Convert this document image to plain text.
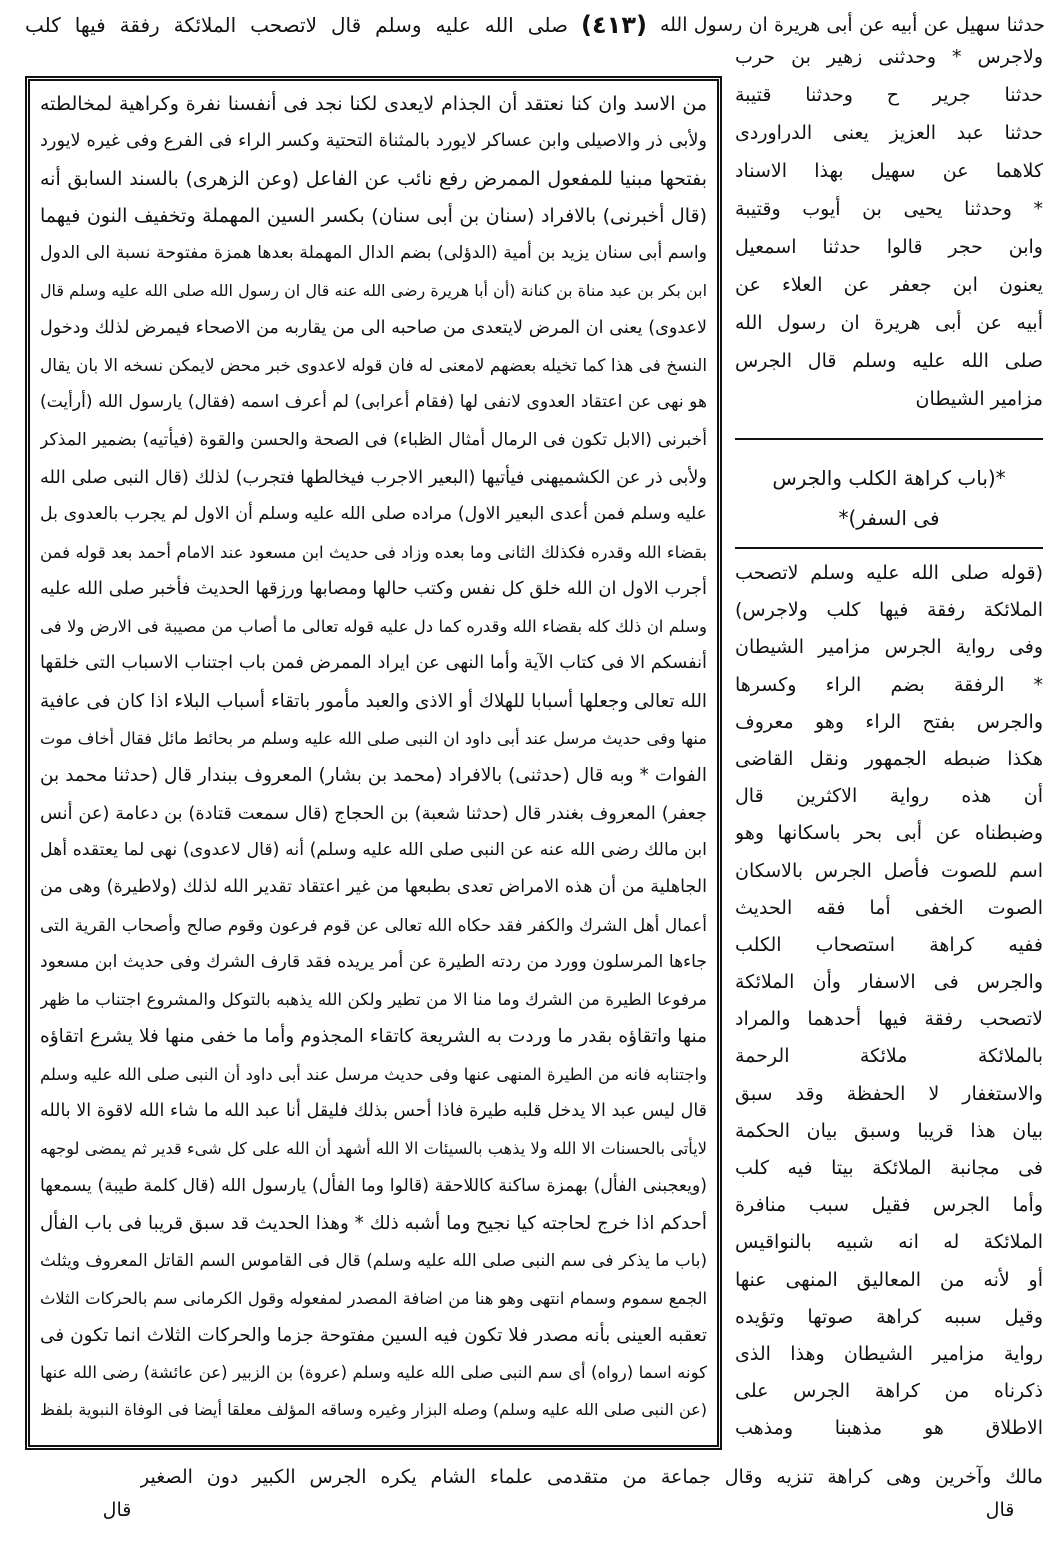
حدثنا سهيل عن أبيه عن أبى هريرة ان رسول الله
(٤١٣)
صلى الله عليه وسلم قال لاتصحب الملائكة رفقة فيها كلب
من الاسد وان كنا نعتقد أن الجذام لايعدى لكنا نجد فى أنفسنا نفرة وكراهية لمخالطته
ولأبى ذر والاصيلى وابن عساكر لايورد بالمثناة التحتية وكسر الراء فى الفرع وفى غيره لايورد
بفتحها مبنيا للمفعول الممرض رفع نائب عن الفاعل (وعن الزهرى) بالسند السابق أنه
(قال أخبرنى) بالافراد (سنان بن أبى سنان) بكسر السين المهملة وتخفيف النون فيهما
واسم أبى سنان يزيد بن أمية (الدؤلى) بضم الدال المهملة بعدها همزة مفتوحة نسبة الى الدول
ابن بكر بن عبد مناة بن كنانة (أن أبا هريرة رضى الله عنه قال ان رسول الله صلى الله عليه وسلم قال
لاعدوى) يعنى ان المرض لايتعدى من صاحبه الى من يقاربه من الاصحاء فيمرض لذلك ودخول
النسخ فى هذا كما تخيله بعضهم لامعنى له فان قوله لاعدوى خبر محض لايمكن نسخه الا بان يقال
هو نهى عن اعتقاد العدوى لانفى لها (فقام أعرابى) لم أعرف اسمه (فقال) يارسول الله (أرأيت)
أخبرنى (الابل تكون فى الرمال أمثال الظباء) فى الصحة والحسن والقوة (فيأتيه) بضمير المذكر
ولأبى ذر عن الكشميهنى فيأتيها (البعير الاجرب فيخالطها فتجرب) لذلك (قال النبى صلى الله
عليه وسلم فمن أعدى البعير الاول) مراده صلى الله عليه وسلم أن الاول لم يجرب بالعدوى بل
بقضاء الله وقدره فكذلك الثانى وما بعده وزاد فى حديث ابن مسعود عند الامام أحمد بعد قوله فمن
أجرب الاول ان الله خلق كل نفس وكتب حالها ومصابها ورزقها الحديث فأخبر صلى الله عليه
وسلم ان ذلك كله بقضاء الله وقدره كما دل عليه قوله تعالى ما أصاب من مصيبة فى الارض ولا فى
أنفسكم الا فى كتاب الآية وأما النهى عن ايراد الممرض فمن باب اجتناب الاسباب التى خلقها
الله تعالى وجعلها أسبابا للهلاك أو الاذى والعبد مأمور باتقاء أسباب البلاء اذا كان فى عافية
منها وفى حديث مرسل عند أبى داود ان النبى صلى الله عليه وسلم مر بحائط مائل فقال أخاف موت
الفوات * وبه قال (حدثنى) بالافراد (محمد بن بشار) المعروف ببندار قال (حدثنا محمد بن
جعفر) المعروف بغندر قال (حدثنا شعبة) بن الحجاج (قال سمعت قتادة) بن دعامة (عن أنس
ابن مالك رضى الله عنه عن النبى صلى الله عليه وسلم) أنه (قال لاعدوى) نهى لما يعتقده أهل
الجاهلية من أن هذه الامراض تعدى بطبعها من غير اعتقاد تقدير الله لذلك (ولاطيرة) وهى من
أعمال أهل الشرك والكفر فقد حكاه الله تعالى عن قوم فرعون وقوم صالح وأصحاب القرية التى
جاءها المرسلون وورد من ردته الطيرة عن أمر يريده فقد قارف الشرك وفى حديث ابن مسعود
مرفوعا الطيرة من الشرك وما منا الا من تطير ولكن الله يذهبه بالتوكل والمشروع اجتناب ما ظهر
منها واتقاؤه بقدر ما وردت به الشريعة كاتقاء المجذوم وأما ما خفى منها فلا يشرع اتقاؤه
واجتنابه فانه من الطيرة المنهى عنها وفى حديث مرسل عند أبى داود أن النبى صلى الله عليه وسلم
قال ليس عبد الا يدخل قلبه طيرة فاذا أحس بذلك فليقل أنا عبد الله ما شاء الله لاقوة الا بالله
لايأتى بالحسنات الا الله ولا يذهب بالسيئات الا الله أشهد أن الله على كل شىء قدير ثم يمضى لوجهه
(ويعجبنى الفأل) بهمزة ساكنة كاللاحقة (قالوا وما الفأل) يارسول الله (قال كلمة طيبة) يسمعها
أحدكم اذا خرج لحاجته كيا نجيح وما أشبه ذلك * وهذا الحديث قد سبق قريبا فى باب الفأل
(باب ما يذكر فى سم النبى صلى الله عليه وسلم) قال فى القاموس السم القاتل المعروف ويثلث
الجمع سموم وسمام انتهى وهو هنا من اضافة المصدر لمفعوله وقول الكرمانى سم بالحركات الثلاث
تعقبه العينى بأنه مصدر فلا تكون فيه السين مفتوحة جزما والحركات الثلاث انما تكون فى
كونه اسما (رواه) أى سم النبى صلى الله عليه وسلم (عروة) بن الزبير (عن عائشة) رضى الله عنها
(عن النبى صلى الله عليه وسلم) وصله البزار وغيره وساقه المؤلف معلقا أيضا فى الوفاة النبوية بلفظ
ولاجرس * وحدثنى زهير بن حرب
حدثنا جرير ح وحدثنا قتيبة
حدثنا عبد العزيز يعنى الدراوردى
كلاهما عن سهيل بهذا الاسناد
* وحدثنا يحيى بن أيوب وقتيبة
وابن حجر قالوا حدثنا اسمعيل
يعنون ابن جعفر عن العلاء عن
أبيه عن أبى هريرة ان رسول الله
صلى الله عليه وسلم قال الجرس
مزامير الشيطان
*(باب كراهة الكلب والجرس
فى السفر)*
(قوله صلى الله عليه وسلم لاتصحب
الملائكة رفقة فيها كلب ولاجرس)
وفى رواية الجرس مزامير الشيطان
* الرفقة بضم الراء وكسرها
والجرس بفتح الراء وهو معروف
هكذا ضبطه الجمهور ونقل القاضى
أن هذه رواية الاكثرين قال
وضبطناه عن أبى بحر باسكانها وهو
اسم للصوت فأصل الجرس بالاسكان
الصوت الخفى أما فقه الحديث
ففيه كراهة استصحاب الكلب
والجرس فى الاسفار وأن الملائكة
لاتصحب رفقة فيها أحدهما والمراد
بالملائكة ملائكة الرحمة
والاستغفار لا الحفظة وقد سبق
بيان هذا قريبا وسبق بيان الحكمة
فى مجانبة الملائكة بيتا فيه كلب
وأما الجرس فقيل سبب منافرة
الملائكة له انه شبيه بالنواقيس
أو لأنه من المعاليق المنهى عنها
وقيل سببه كراهة صوتها وتؤيده
رواية مزامير الشيطان وهذا الذى
ذكرناه من كراهة الجرس على
الاطلاق هو مذهبنا ومذهب
مالك وآخرين وهى كراهة تنزيه وقال جماعة من متقدمى علماء الشام يكره الجرس الكبير دون الصغير
قال	قال
